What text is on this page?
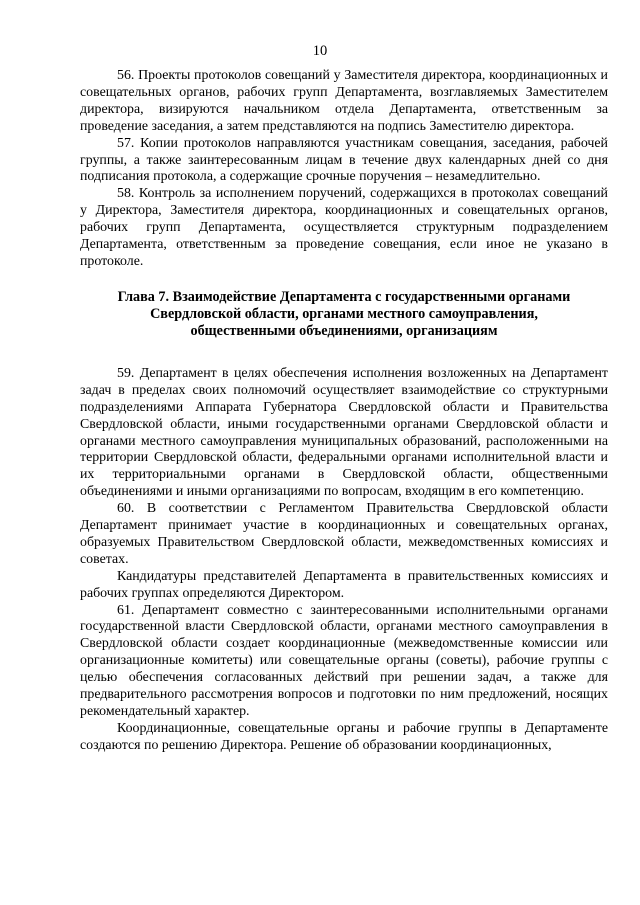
10

56. Проекты протоколов совещаний у Заместителя директора, координационных и совещательных органов, рабочих групп Департамента, возглавляемых Заместителем директора, визируются начальником отдела Департамента, ответственным за проведение заседания, а затем представляются на подпись Заместителю директора.

57. Копии протоколов направляются участникам совещания, заседания, рабочей группы, а также заинтересованным лицам в течение двух календарных дней со дня подписания протокола, а содержащие срочные поручения – незамедлительно.

58. Контроль за исполнением поручений, содержащихся в протоколах совещаний у Директора, Заместителя директора, координационных и совещательных органов, рабочих групп Департамента, осуществляется структурным подразделением Департамента, ответственным за проведение совещания, если иное не указано в протоколе.

Глава 7. Взаимодействие Департамента с государственными органами
Свердловской области, органами местного самоуправления,
общественными объединениями, организациям

59. Департамент в целях обеспечения исполнения возложенных на Департамент задач в пределах своих полномочий осуществляет взаимодействие со структурными подразделениями Аппарата Губернатора Свердловской области и Правительства Свердловской области, иными государственными органами Свердловской области и органами местного самоуправления муниципальных образований, расположенными на территории Свердловской области, федеральными органами исполнительной власти и их территориальными органами в Свердловской области, общественными объединениями и иными организациями по вопросам, входящим в его компетенцию.

60. В соответствии с Регламентом Правительства Свердловской области Департамент принимает участие в координационных и совещательных органах, образуемых Правительством Свердловской области, межведомственных комиссиях и советах.

Кандидатуры представителей Департамента в правительственных комиссиях и рабочих группах определяются Директором.

61. Департамент совместно с заинтересованными исполнительными органами государственной власти Свердловской области, органами местного самоуправления в Свердловской области создает координационные (межведомственные комиссии или организационные комитеты) или совещательные органы (советы), рабочие группы с целью обеспечения согласованных действий при решении задач, а также для предварительного рассмотрения вопросов и подготовки по ним предложений, носящих рекомендательный характер.

Координационные, совещательные органы и рабочие группы в Департаменте создаются по решению Директора. Решение об образовании координационных,
